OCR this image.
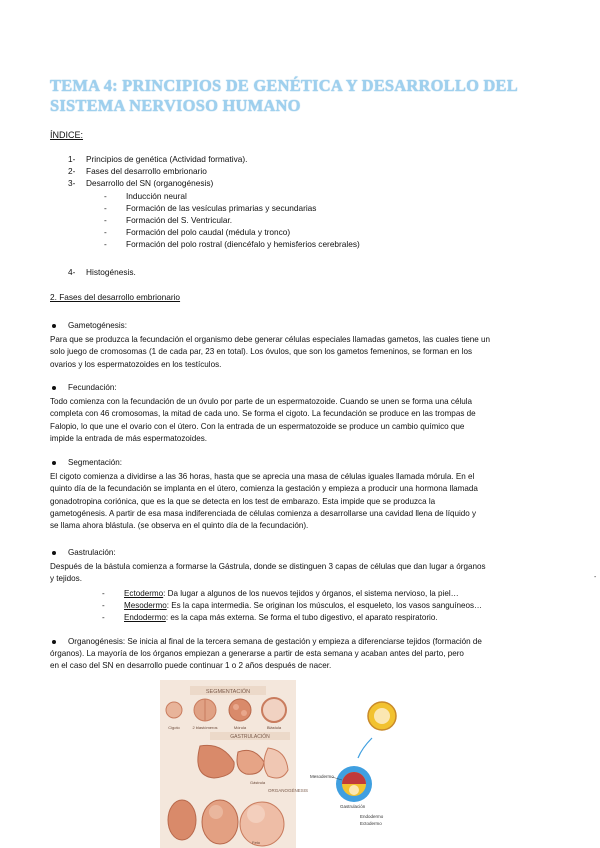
TEMA 4: PRINCIPIOS DE GENÉTICA Y DESARROLLO DEL SISTEMA NERVIOSO HUMANO
ÍNDICE:
1-	Principios de genética (Actividad formativa).
2-	Fases del desarrollo embrionario
3-	Desarrollo del SN (organogénesis)
-	Inducción neural
-	Formación de las vesículas primarias y secundarias
-	Formación del S. Ventricular.
-	Formación del polo caudal (médula y tronco)
-	Formación del polo rostral (diencéfalo y hemisferios cerebrales)
4-	Histogénesis.
2. Fases del desarrollo embrionario
Gametogénesis:
Para que se produzca la fecundación el organismo debe generar células especiales llamadas gametos, las cuales tiene un
solo juego de cromosomas (1 de cada par, 23 en total). Los óvulos, que son los gametos femeninos, se forman en los
ovarios y los espermatozoides en los testículos.
Fecundación:
Todo comienza con la fecundación de un óvulo por parte de un espermatozoide. Cuando se unen se forma una célula
completa con 46 cromosomas, la mitad de cada uno. Se forma el cigoto. La fecundación se produce en las trompas de
Falopio, lo que une el ovario con el útero. Con la entrada de un espermatozoide se produce un cambio químico que
impide la entrada de más espermatozoides.
Segmentación:
El cigoto comienza a dividirse a las 36 horas, hasta que se aprecia una masa de células iguales llamada mórula. En el
quinto día de la fecundación se implanta en el útero, comienza la gestación y empieza a producir una hormona llamada
gonadotropina coriónica, que es la que se detecta en los test de embarazo. Esta impide que se produzca la
gametogénesis. A partir de esa masa indiferenciada de células comienza a desarrollarse una cavidad llena de líquido y
se llama ahora blástula. (se observa en el quinto día de la fecundación).
Gastrulación:
Después de la bástula comienza a formarse la Gástrula, donde se distinguen 3 capas de células que dan lugar a órganos
y tejidos.
-	Ectodermo: Da lugar a algunos de los nuevos tejidos y órganos, el sistema nervioso, la piel…
-	Mesodermo: Es la capa intermedia. Se originan los músculos, el esqueleto, los vasos sanguíneos…
-	Endodermo: es la capa más externa. Se forma el tubo digestivo, el aparato respiratorio.
Organogénesis: Se inicia al final de la tercera semana de gestación y empieza a diferenciarse tejidos (formación de
órganos). La mayoría de los órganos empiezan a generarse a partir de esta semana y acaban antes del parto, pero
en el caso del SN en desarrollo puede continuar 1 o 2 años después de nacer.
-
SEGMENTACIÓN
Cigoto	2 blastómeros	Mórula	Blástula
GASTRULACIÓN
Gástrula
ORGANOGÉNESIS
Feto
Mesodermo
Gastrulación
Endodermo
Ectodermo
